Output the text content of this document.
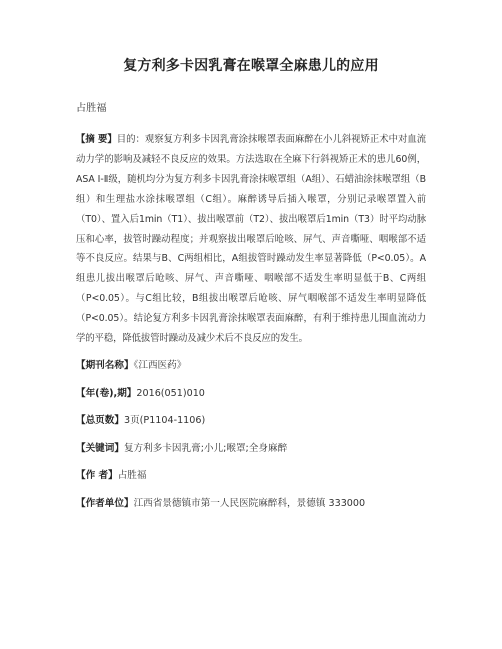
复方利多卡因乳膏在喉罩全麻患儿的应用
占胜福

【摘 要】目的：观察复方利多卡因乳膏涂抹喉罩表面麻醉在小儿斜视矫正术中对血流动力学的影响及减轻不良反应的效果。方法选取在全麻下行斜视矫正术的患儿60例，ASA Ⅰ-Ⅱ级，随机均分为复方利多卡因乳膏涂抹喉罩组（A组）、石蜡油涂抹喉罩组（B组）和生理盐水涂抹喉罩组（C组）。麻醉诱导后插入喉罩，分别记录喉罩置入前（T0）、置入后1min（T1）、拔出喉罩前（T2）、拔出喉罩后1min（T3）时平均动脉压和心率，拔管时躁动程度；并观察拔出喉罩后呛咳、屏气、声音嘶哑、咽喉部不适等不良反应。结果与B、C两组相比，A组拔管时躁动发生率显著降低（P<0.05）。A组患儿拔出喉罩后呛咳、屏气、声音嘶哑、咽喉部不适发生率明显低于B、C两组（P<0.05）。与C组比较，B组拔出喉罩后呛咳、屏气咽喉部不适发生率明显降低（P<0.05）。结论复方利多卡因乳膏涂抹喉罩表面麻醉，有利于维持患儿围血流动力学的平稳，降低拔管时躁动及减少术后不良反应的发生。

【期刊名称】《江西医药》
【年(卷),期】2016(051)010
【总页数】3页(P1104-1106)
【关键词】复方利多卡因乳膏;小儿;喉罩;全身麻醉
【作 者】占胜福
【作者单位】江西省景德镇市第一人民医院麻醉科，景德镇 333000
